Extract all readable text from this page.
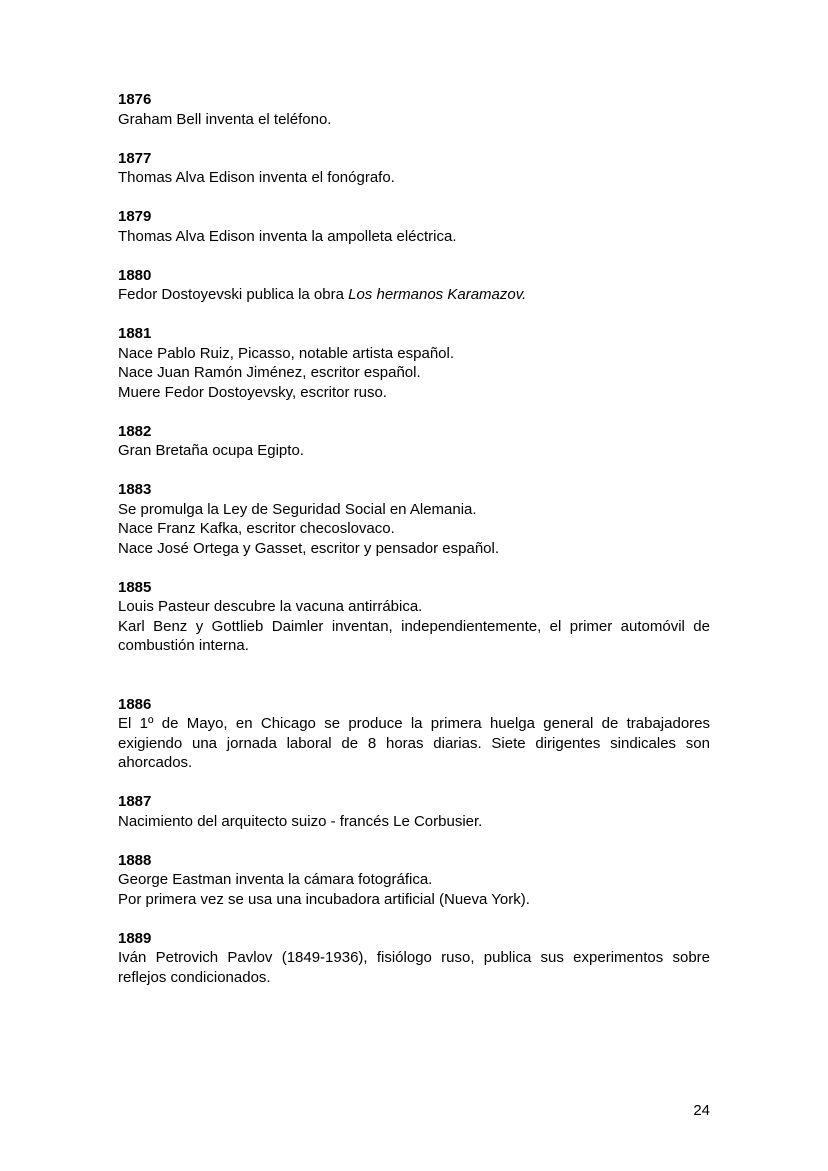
1876

Graham Bell inventa el teléfono.

1877

Thomas Alva Edison inventa el fonógrafo.

1879

Thomas Alva Edison inventa la ampolleta eléctrica.

1880

Fedor Dostoyevski publica la obra Los hermanos Karamazov.

1881

Nace Pablo Ruiz, Picasso, notable artista español.

Nace Juan Ramón Jiménez, escritor español.

Muere Fedor Dostoyevsky, escritor ruso.

1882

Gran Bretaña ocupa Egipto.

1883

Se promulga la Ley de Seguridad Social en Alemania.

Nace Franz Kafka, escritor checoslovaco.

Nace José Ortega y Gasset, escritor y pensador español.

1885

Louis Pasteur descubre la vacuna antirrábica.

Karl Benz y Gottlieb Daimler inventan, independientemente, el primer automóvil de combustión interna.

1886

El 1º de Mayo, en Chicago se produce la primera huelga general de trabajadores exigiendo una jornada laboral de 8 horas diarias. Siete dirigentes sindicales son ahorcados.

1887

Nacimiento del arquitecto suizo - francés Le Corbusier.

1888

George Eastman inventa la cámara fotográfica.

Por primera vez se usa una incubadora artificial (Nueva York).

1889

Iván Petrovich Pavlov (1849-1936), fisiólogo ruso, publica sus experimentos sobre reflejos condicionados.

24
